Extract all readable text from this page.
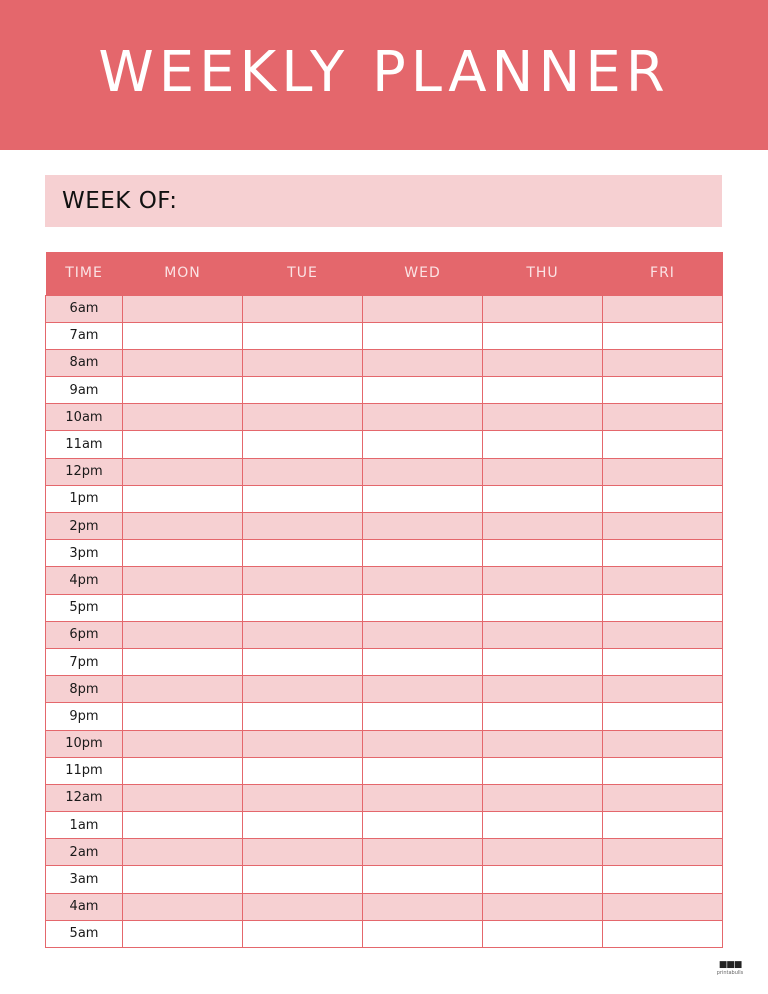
WEEKLY PLANNER
WEEK OF:
TIME	MON	TUE	WED	THU	FRI
6am					
7am					
8am					
9am					
10am					
11am					
12pm					
1pm					
2pm					
3pm					
4pm					
5pm					
6pm					
7pm					
8pm					
9pm					
10pm					
11pm					
12am					
1am					
2am					
3am					
4am					
5am					
■■■
printabulls
